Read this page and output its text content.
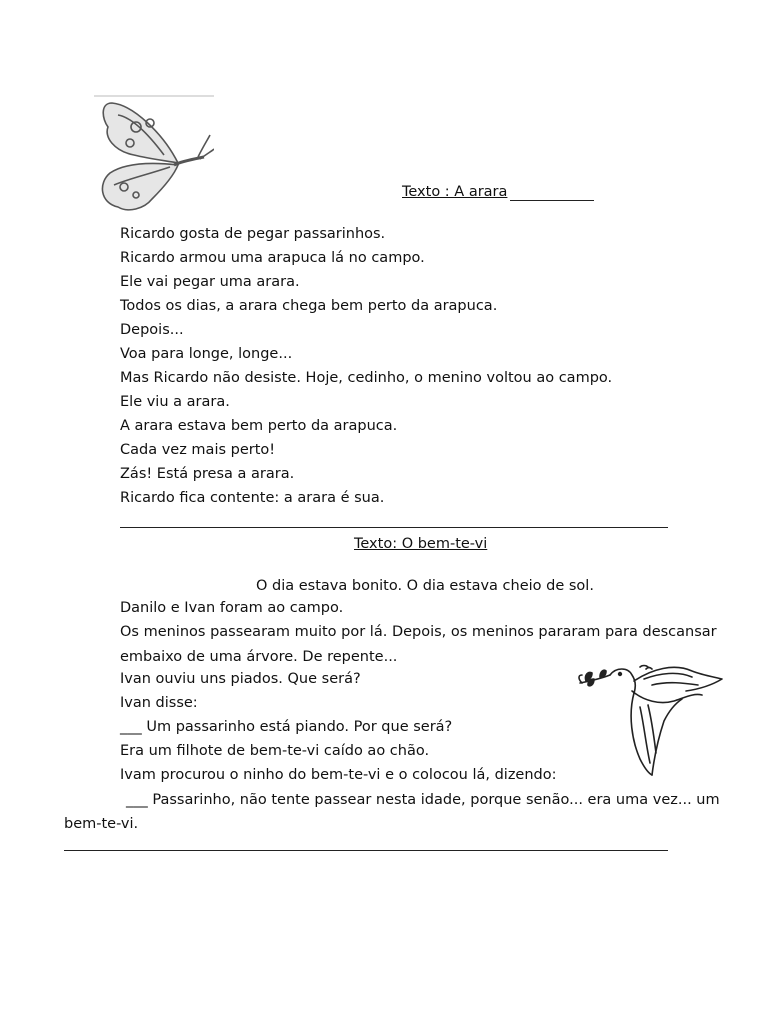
Texto : A arara
Ricardo gosta de pegar passarinhos.
Ricardo armou uma arapuca lá no campo.
Ele vai pegar uma arara.
Todos os dias, a arara chega bem perto da arapuca.
Depois...
Voa para longe, longe...
Mas Ricardo não desiste. Hoje, cedinho, o menino voltou ao campo.
Ele viu a arara.
A arara estava bem perto da arapuca.
Cada vez mais perto!
Zás! Está presa a arara.
Ricardo fica contente: a arara é sua.
Texto: O bem-te-vi
O dia estava bonito. O dia estava cheio de sol.
Danilo e Ivan foram ao campo.
Os meninos passearam muito por lá. Depois, os meninos pararam para descansar
embaixo de uma árvore. De repente...
Ivan ouviu uns piados. Que será?
Ivan disse:
___ Um passarinho está piando. Por que será?
Era um filhote de bem-te-vi caído ao chão.
Ivam procurou o ninho do bem-te-vi e o colocou lá, dizendo:
___ Passarinho, não tente passear nesta idade, porque senão... era uma vez... um
bem-te-vi.
